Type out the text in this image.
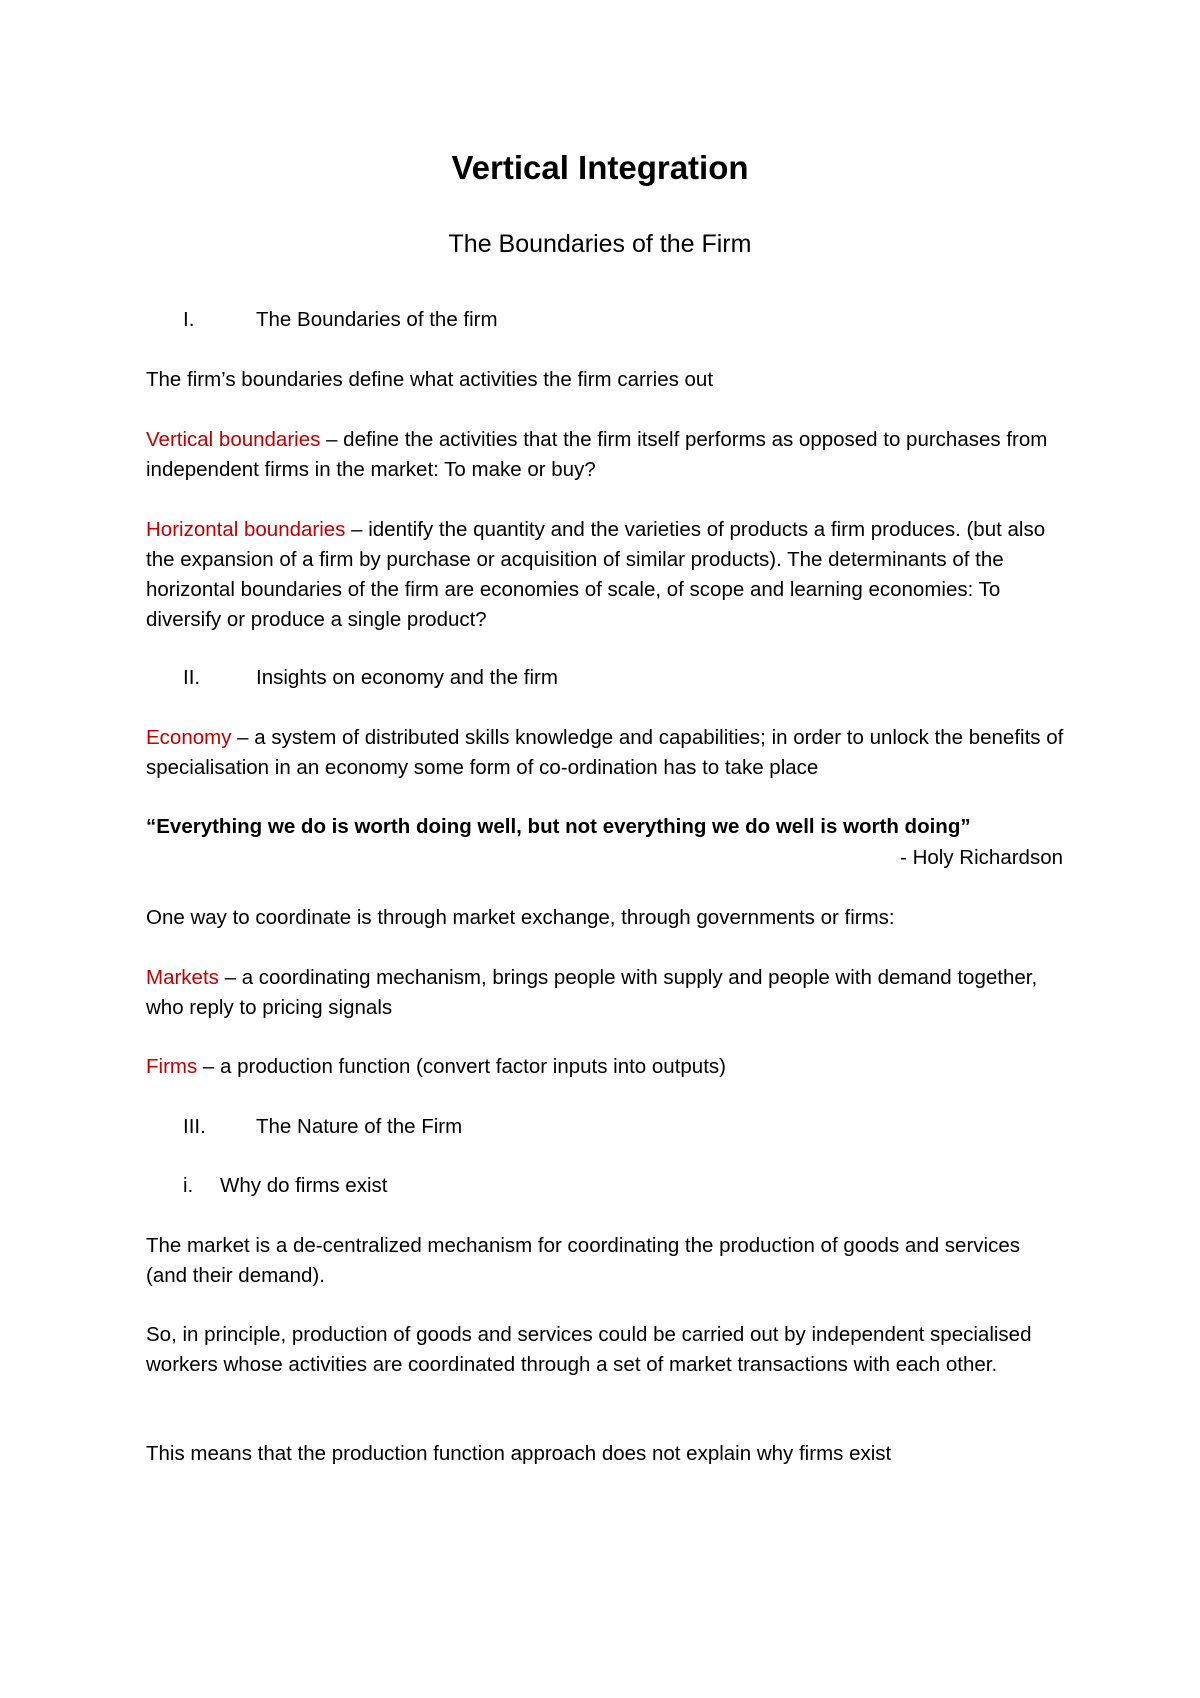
Vertical Integration
The Boundaries of the Firm
I.	The Boundaries of the firm

The firm’s boundaries define what activities the firm carries out

Vertical boundaries – define the activities that the firm itself performs as opposed to purchases from independent firms in the market: To make or buy?

Horizontal boundaries – identify the quantity and the varieties of products a firm produces. (but also the expansion of a firm by purchase or acquisition of similar products). The determinants of the horizontal boundaries of the firm are economies of scale, of scope and learning economies: To diversify or produce a single product?

II.	Insights on economy and the firm

Economy – a system of distributed skills knowledge and capabilities; in order to unlock the benefits of specialisation in an economy some form of co-ordination has to take place

“Everything we do is worth doing well, but not everything we do well is worth doing”
- Holy Richardson

One way to coordinate is through market exchange, through governments or firms:

Markets – a coordinating mechanism, brings people with supply and people with demand together, who reply to pricing signals

Firms – a production function (convert factor inputs into outputs)

III. The Nature of the Firm
i. Why do firms exist

The market is a de-centralized mechanism for coordinating the production of goods and services (and their demand).

So, in principle, production of goods and services could be carried out by independent specialised workers whose activities are coordinated through a set of market transactions with each other.

This means that the production function approach does not explain why firms exist
